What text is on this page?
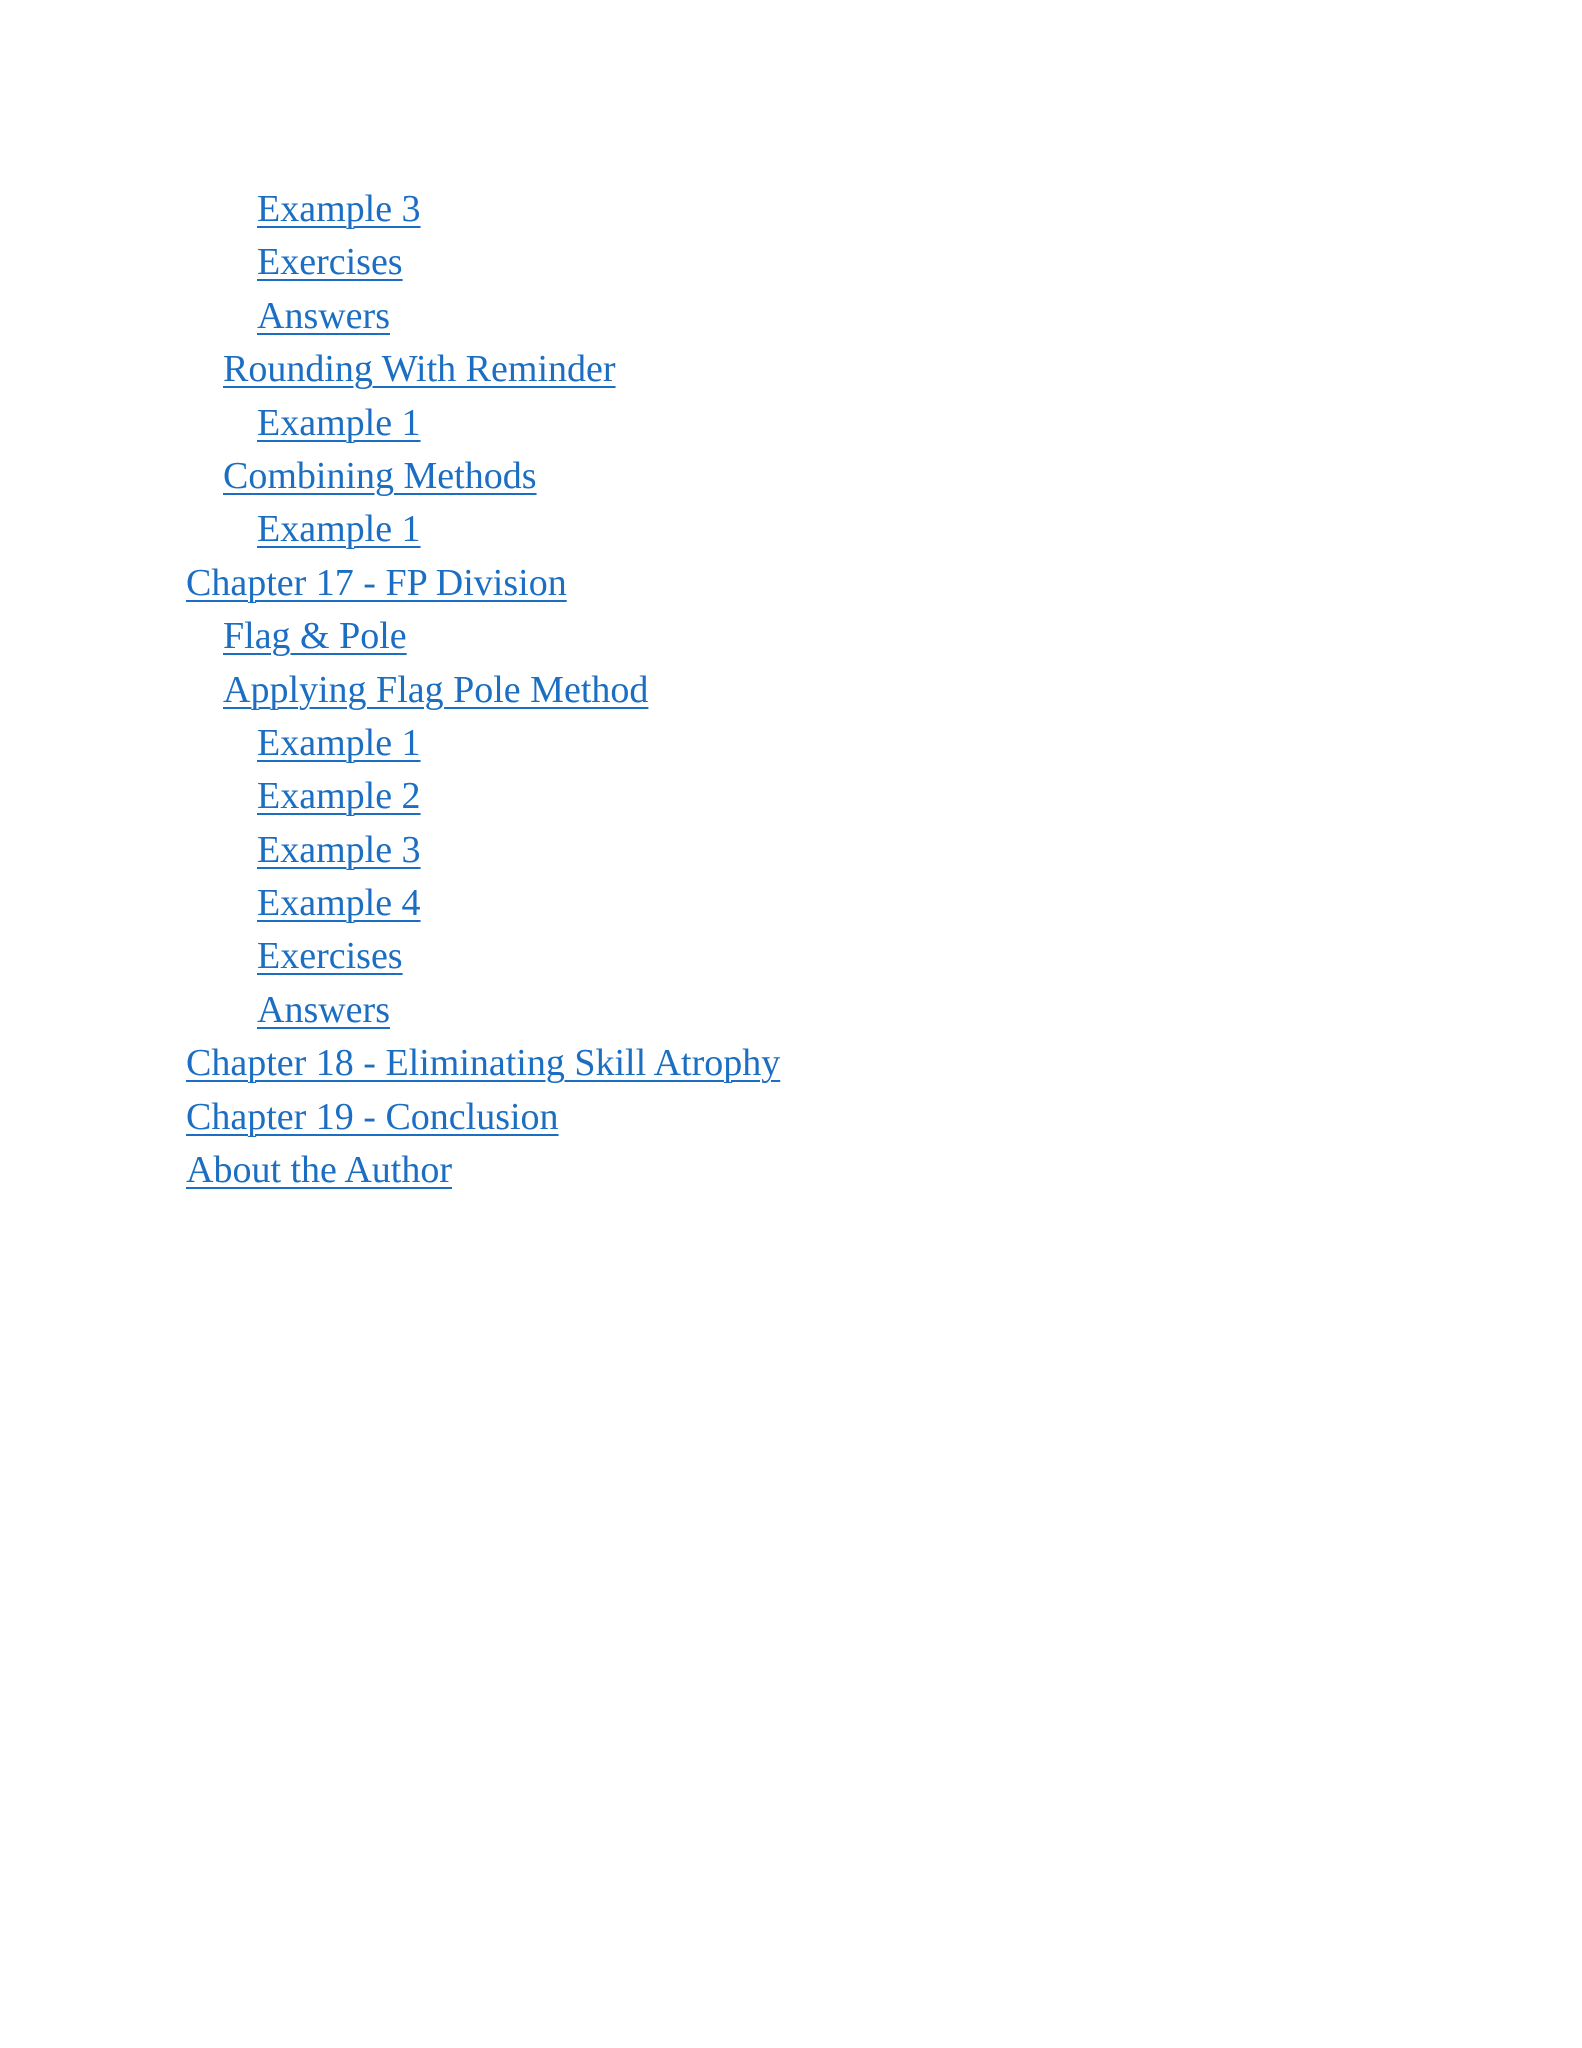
Example 3
Exercises
Answers
Rounding With Reminder
Example 1
Combining Methods
Example 1
Chapter 17 - FP Division
Flag & Pole
Applying Flag Pole Method
Example 1
Example 2
Example 3
Example 4
Exercises
Answers
Chapter 18 - Eliminating Skill Atrophy
Chapter 19 - Conclusion
About the Author
